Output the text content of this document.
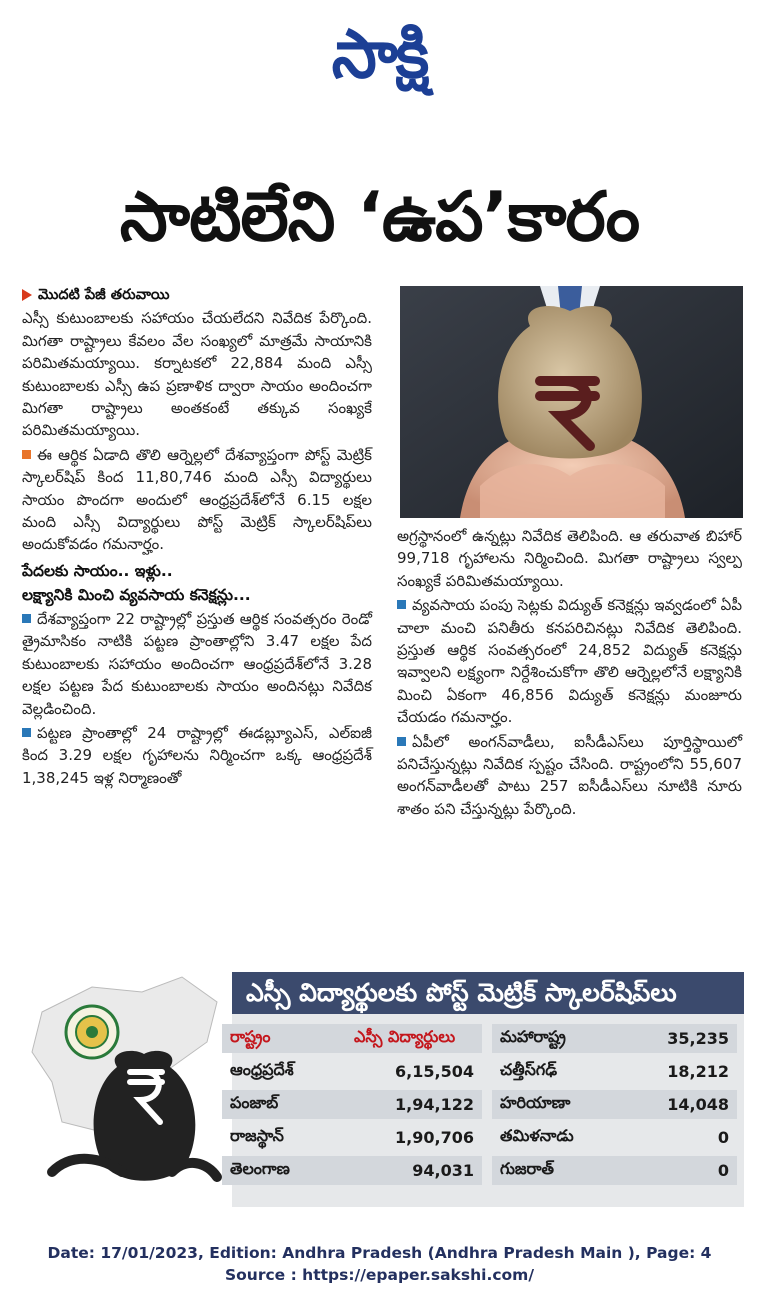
సాక్షి
సాటిలేని ‘ఉప’కారం
మొదటి పేజీ తరువాయి

ఎస్సీ కుటుంబాలకు సహాయం చేయలేదని నివేదిక పేర్కొంది. మిగతా రాష్ట్రాలు కేవలం వేల సంఖ్యలో మాత్రమే సాయానికి పరిమితమయ్యాయి. కర్నాటకలో 22,884 మంది ఎస్సీ కుటుంబాలకు ఎస్సీ ఉప ప్రణాళిక ద్వారా సాయం అందించగా మిగతా రాష్ట్రాలు అంతకంటే తక్కువ సంఖ్యకే పరిమితమయ్యాయి.

ఈ ఆర్థిక ఏడాది తొలి ఆర్నెల్లలో దేశవ్యాప్తంగా పోస్ట్ మెట్రిక్ స్కాలర్‌షిప్ కింద 11,80,746 మంది ఎస్సీ విద్యార్థులు సాయం పొందగా అందులో ఆంధ్రప్రదేశ్‌లోనే 6.15 లక్షల మంది ఎస్సీ విద్యార్థులు పోస్ట్ మెట్రిక్ స్కాలర్‌షిప్‌లు అందుకోవడం గమనార్హం.

పేదలకు సాయం.. ఇళ్లు..
లక్ష్యానికి మించి వ్యవసాయ కనెక్షన్లు...

దేశవ్యాప్తంగా 22 రాష్ట్రాల్లో ప్రస్తుత ఆర్థిక సంవత్సరం రెండో త్రైమాసికం నాటికి పట్టణ ప్రాంతాల్లోని 3.47 లక్షల పేద కుటుంబాలకు సహాయం అందించగా ఆంధ్రప్రదేశ్‌లోనే 3.28 లక్షల పట్టణ పేద కుటుంబాలకు సాయం అందినట్లు నివేదిక వెల్లడించింది.

పట్టణ ప్రాంతాల్లో 24 రాష్ట్రాల్లో ఈడబ్ల్యూఎస్, ఎల్ఐజీ కింద 3.29 లక్షల గృహాలను నిర్మించగా ఒక్క ఆంధ్రప్రదేశ్ 1,38,245 ఇళ్ల నిర్మాణంతో

అగ్రస్థానంలో ఉన్నట్లు నివేదిక తెలిపింది. ఆ తరువాత బిహార్ 99,718 గృహాలను నిర్మించింది. మిగతా రాష్ట్రాలు స్వల్ప సంఖ్యకే పరిమితమయ్యాయి.

వ్యవసాయ పంపు సెట్లకు విద్యుత్ కనెక్షన్లు ఇవ్వడంలో ఏపీ చాలా మంచి పనితీరు కనపరిచినట్లు నివేదిక తెలిపింది. ప్రస్తుత ఆర్థిక సంవత్సరంలో 24,852 విద్యుత్ కనెక్షన్లు ఇవ్వాలని లక్ష్యంగా నిర్దేశించుకోగా తొలి ఆర్నెల్లలోనే లక్ష్యానికి మించి ఏకంగా 46,856 విద్యుత్ కనెక్షన్లు మంజూరు చేయడం గమనార్హం.

ఏపీలో అంగన్‌వాడీలు, ఐసీడీఎస్‌లు పూర్తిస్థాయిలో పనిచేస్తున్నట్లు నివేదిక స్పష్టం చేసింది. రాష్ట్రంలోని 55,607 అంగన్‌వాడీలతో పాటు 257 ఐసీడీఎస్‌లు నూటికి నూరు శాతం పని చేస్తున్నట్లు పేర్కొంది.

ఎస్సీ విద్యార్థులకు పోస్ట్ మెట్రిక్ స్కాలర్‌షిప్‌లు
రాష్ట్రం	ఎస్సీ విద్యార్థులు
ఆంధ్రప్రదేశ్	6,15,504
పంజాబ్	1,94,122
రాజస్థాన్	1,90,706
తెలంగాణ	94,031
మహారాష్ట్ర	35,235
చత్తీస్‌గఢ్	18,212
హరియాణా	14,048
తమిళనాడు	0
గుజరాత్	0
Date: 17/01/2023, Edition: Andhra Pradesh (Andhra Pradesh Main ), Page: 4
Source : https://epaper.sakshi.com/
